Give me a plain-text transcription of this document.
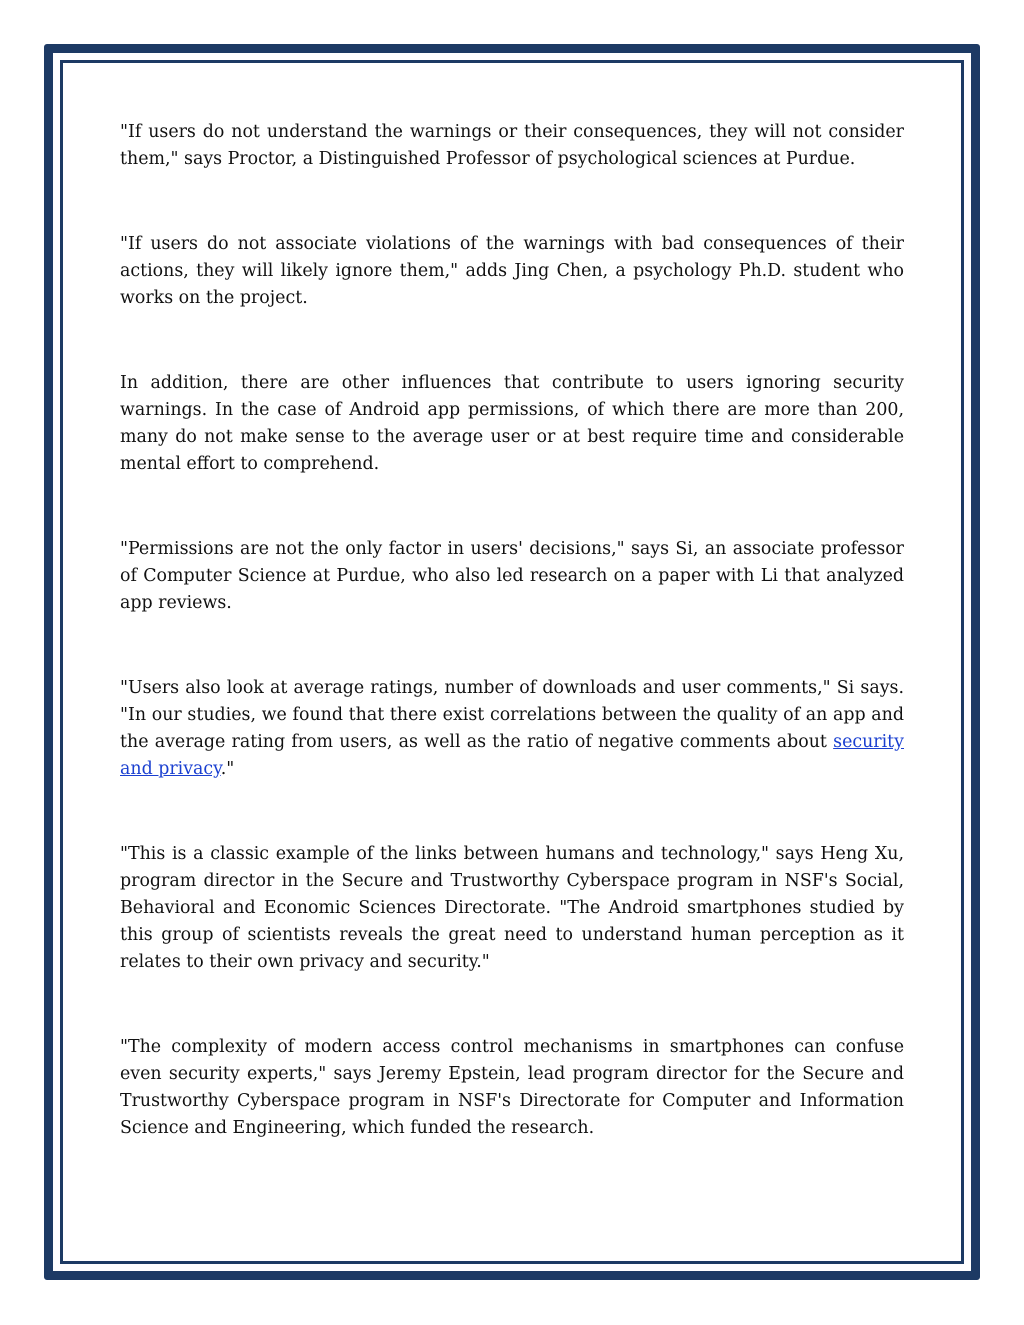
"If users do not understand the warnings or their consequences, they will not consider them," says Proctor, a Distinguished Professor of psychological sciences at Purdue.

"If users do not associate violations of the warnings with bad consequences of their actions, they will likely ignore them," adds Jing Chen, a psychology Ph.D. student who works on the project.

In addition, there are other influences that contribute to users ignoring security warnings. In the case of Android app permissions, of which there are more than 200, many do not make sense to the average user or at best require time and considerable mental effort to comprehend.

"Permissions are not the only factor in users' decisions," says Si, an associate professor of Computer Science at Purdue, who also led research on a paper with Li that analyzed app reviews.

"Users also look at average ratings, number of downloads and user comments," Si says. "In our studies, we found that there exist correlations between the quality of an app and the average rating from users, as well as the ratio of negative comments about security and privacy."

"This is a classic example of the links between humans and technology," says Heng Xu, program director in the Secure and Trustworthy Cyberspace program in NSF's Social, Behavioral and Economic Sciences Directorate. "The Android smartphones studied by this group of scientists reveals the great need to understand human perception as it relates to their own privacy and security."

"The complexity of modern access control mechanisms in smartphones can confuse even security experts," says Jeremy Epstein, lead program director for the Secure and Trustworthy Cyberspace program in NSF's Directorate for Computer and Information Science and Engineering, which funded the research.
